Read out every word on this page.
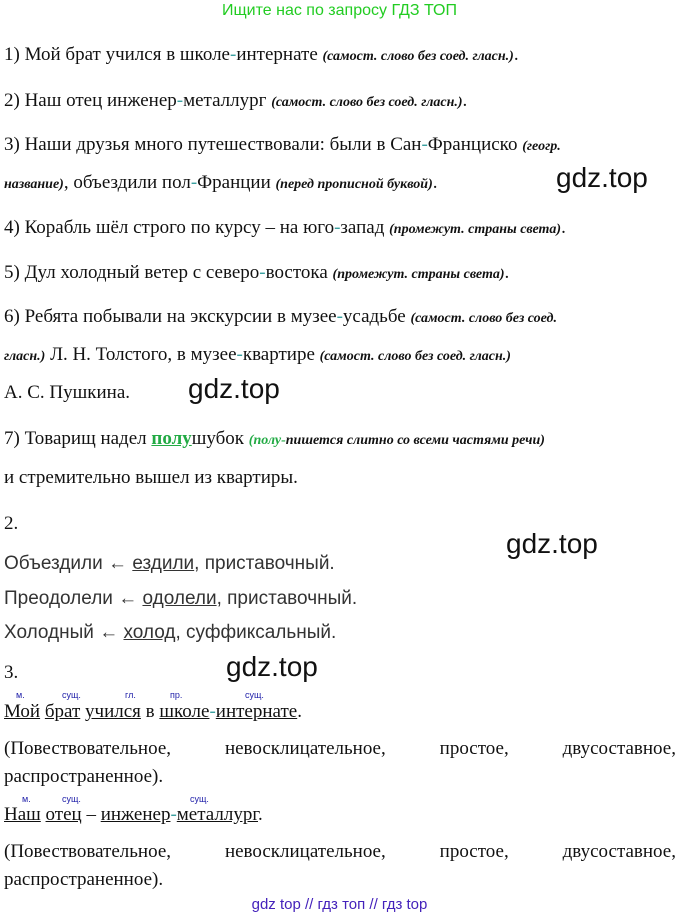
Ищите нас по запросу ГДЗ ТОП
1) Мой брат учился в школе-интернате (самост. слово без соед. гласн.).
2) Наш отец инженер-металлург (самост. слово без соед. гласн.).
3) Наши друзья много путешествовали: были в Сан-Франциско (геогр.
название), объездили пол-Франции (перед прописной буквой).
4) Корабль шёл строго по курсу – на юго-запад (промежут. страны света).
5) Дул холодный ветер с северо-востока (промежут. страны света).
6) Ребята побывали на экскурсии в музее-усадьбе (самост. слово без соед.
гласн.) Л. Н. Толстого, в музее-квартире (самост. слово без соед. гласн.)
А. С. Пушкина.
7) Товарищ надел полушубок (полу-пишется слитно со всеми частями речи)
и стремительно вышел из квартиры.
2.
Объездили ← ездили, приставочный.
Преодолели ← одолели, приставочный.
Холодный ← холод, суффиксальный.
3.
м.	сущ.	гл.	пр.	сущ.
Мой брат учился в школе-интернате.
(Повествовательное,	невосклицательное,	простое,	двусоставное,
распространенное).
м.	сущ.	сущ.
Наш отец – инженер-металлург.
(Повествовательное,	невосклицательное,	простое,	двусоставное,
распространенное).
gdz.top
gdz.top
gdz.top
gdz.top
gdz top // гдз топ // гдз top
